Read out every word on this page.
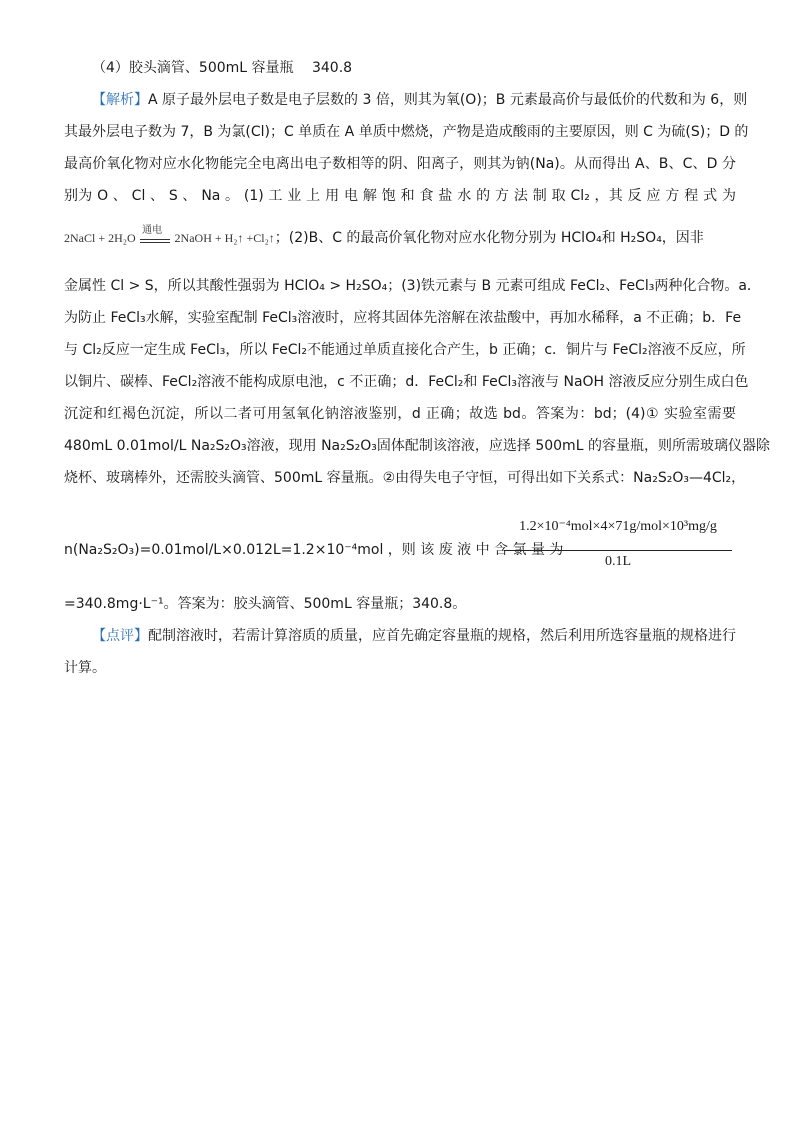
（4）胶头滴管、500mL 容量瓶　 340.8
【解析】A 原子最外层电子数是电子层数的 3 倍，则其为氧(O)；B 元素最高价与最低价的代数和为 6，则
其最外层电子数为 7，B 为氯(Cl)；C 单质在 A 单质中燃烧，产物是造成酸雨的主要原因，则 C 为硫(S)；D 的
最高价氧化物对应水化物能完全电离出电子数相等的阴、阳离子，则其为钠(Na)。从而得出 A、B、C、D 分
别为 O 、 Cl 、 S 、 Na 。 (1) 工 业 上 用 电 解 饱 和 食 盐 水 的 方 法 制 取 Cl₂ ，其 反 应 方 程 式 为
2NaCl + 2H₂O
通电
2NaOH + H₂↑ +Cl₂↑；(2)B、C 的最高价氧化物对应水化物分别为 HClO₄和 H₂SO₄，因非
金属性 Cl > S，所以其酸性强弱为 HClO₄ > H₂SO₄；(3)铁元素与 B 元素可组成 FeCl₂、FeCl₃两种化合物。a．
为防止 FeCl₃水解，实验室配制 FeCl₃溶液时，应将其固体先溶解在浓盐酸中，再加水稀释，a 不正确；b．Fe
与 Cl₂反应一定生成 FeCl₃，所以 FeCl₂不能通过单质直接化合产生，b 正确；c．铜片与 FeCl₂溶液不反应，所
以铜片、碳棒、FeCl₂溶液不能构成原电池，c 不正确；d．FeCl₂和 FeCl₃溶液与 NaOH 溶液反应分别生成白色
沉淀和红褐色沉淀，所以二者可用氢氧化钠溶液鉴别，d 正确；故选 bd。答案为：bd；(4)① 实验室需要
480mL 0.01mol/L Na₂S₂O₃溶液，现用 Na₂S₂O₃固体配制该溶液，应选择 500mL 的容量瓶，则所需玻璃仪器除
烧杯、玻璃棒外，还需胶头滴管、500mL 容量瓶。②由得失电子守恒，可得出如下关系式：Na₂S₂O₃—4Cl₂，
n(Na₂S₂O₃)=0.01mol/L×0.012L=1.2×10⁻⁴mol ，则 该 废 液 中 含 氯 量 为
1.2×10⁻⁴mol×4×71g/mol×10³mg/g
0.1L
=340.8mg·L⁻¹。答案为：胶头滴管、500mL 容量瓶；340.8。
【点评】配制溶液时，若需计算溶质的质量，应首先确定容量瓶的规格，然后利用所选容量瓶的规格进行
计算。
